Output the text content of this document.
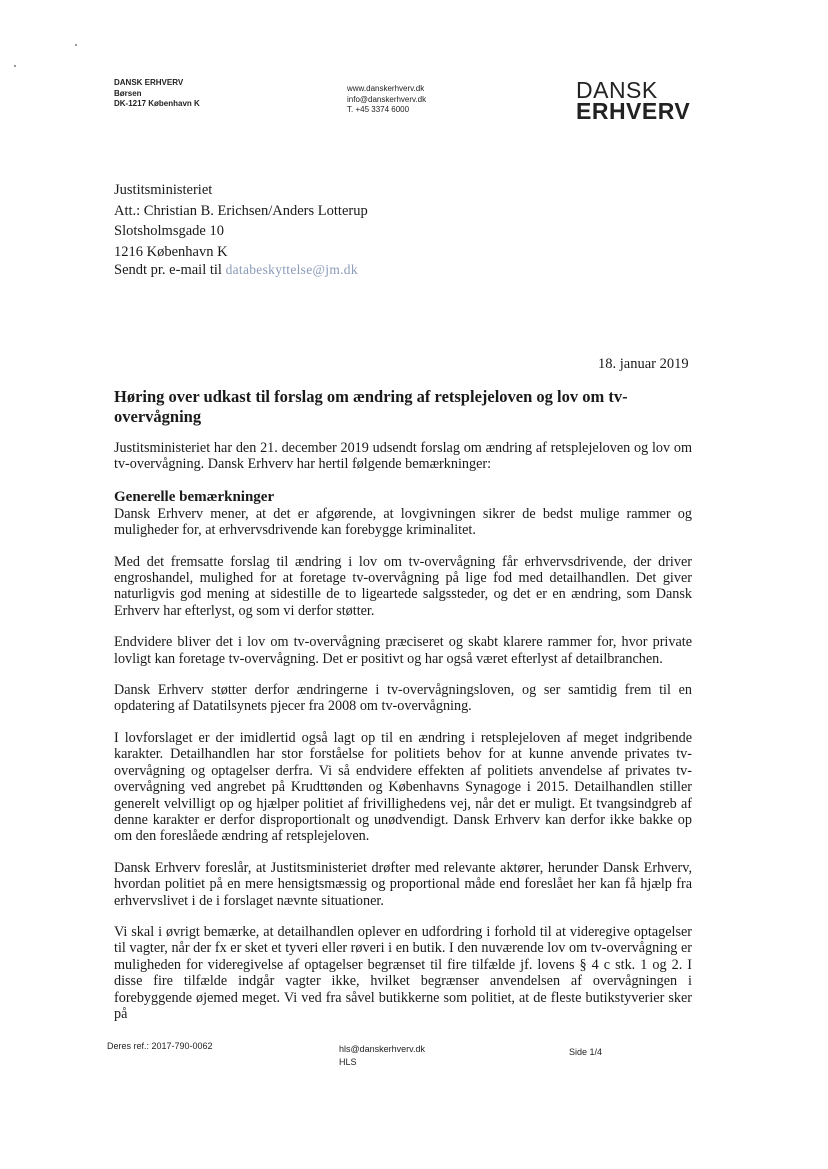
DANSK ERHVERV
Børsen
DK-1217 København K
www.danskerhverv.dk
info@danskerhverv.dk
T. +45 3374 6000
DANSK
ERHVERV
Justitsministeriet
Att.: Christian B. Erichsen/Anders Lotterup
Slotsholmsgade 10
1216 København K
Sendt pr. e-mail til databeskyttelse@jm.dk
18. januar 2019
Høring over udkast til forslag om ændring af retsplejeloven og lov om tv-overvågning

Justitsministeriet har den 21. december 2019 udsendt forslag om ændring af retsplejeloven og lov om tv-overvågning. Dansk Erhverv har hertil følgende bemærkninger:

Generelle bemærkninger

Dansk Erhverv mener, at det er afgørende, at lovgivningen sikrer de bedst mulige rammer og muligheder for, at erhvervsdrivende kan forebygge kriminalitet.

Med det fremsatte forslag til ændring i lov om tv-overvågning får erhvervsdrivende, der driver engroshandel, mulighed for at foretage tv-overvågning på lige fod med detailhandlen. Det giver naturligvis god mening at sidestille de to ligeartede salgssteder, og det er en ændring, som Dansk Erhverv har efterlyst, og som vi derfor støtter.

Endvidere bliver det i lov om tv-overvågning præciseret og skabt klarere rammer for, hvor private lovligt kan foretage tv-overvågning. Det er positivt og har også været efterlyst af detailbranchen.

Dansk Erhverv støtter derfor ændringerne i tv-overvågningsloven, og ser samtidig frem til en opdatering af Datatilsynets pjecer fra 2008 om tv-overvågning.

I lovforslaget er der imidlertid også lagt op til en ændring i retsplejeloven af meget indgribende karakter. Detailhandlen har stor forståelse for politiets behov for at kunne anvende privates tv-overvågning og optagelser derfra. Vi så endvidere effekten af politiets anvendelse af privates tv-overvågning ved angrebet på Krudttønden og Københavns Synagoge i 2015. Detailhandlen stiller generelt velvilligt op og hjælper politiet af frivillighedens vej, når det er muligt. Et tvangsindgreb af denne karakter er derfor disproportionalt og unødvendigt. Dansk Erhverv kan derfor ikke bakke op om den foreslåede ændring af retsplejeloven.

Dansk Erhverv foreslår, at Justitsministeriet drøfter med relevante aktører, herunder Dansk Erhverv, hvordan politiet på en mere hensigtsmæssig og proportional måde end foreslået her kan få hjælp fra erhvervslivet i de i forslaget nævnte situationer.

Vi skal i øvrigt bemærke, at detailhandlen oplever en udfordring i forhold til at videregive optagelser til vagter, når der fx er sket et tyveri eller røveri i en butik. I den nuværende lov om tv-overvågning er muligheden for videregivelse af optagelser begrænset til fire tilfælde jf. lovens § 4 c stk. 1 og 2. I disse fire tilfælde indgår vagter ikke, hvilket begrænser anvendelsen af overvågningen i forebyggende øjemed meget. Vi ved fra såvel butikkerne som politiet, at de fleste butikstyverier sker på

Deres ref.: 2017-790-0062	hls@danskerhverv.dk
HLS
Side 1/4
